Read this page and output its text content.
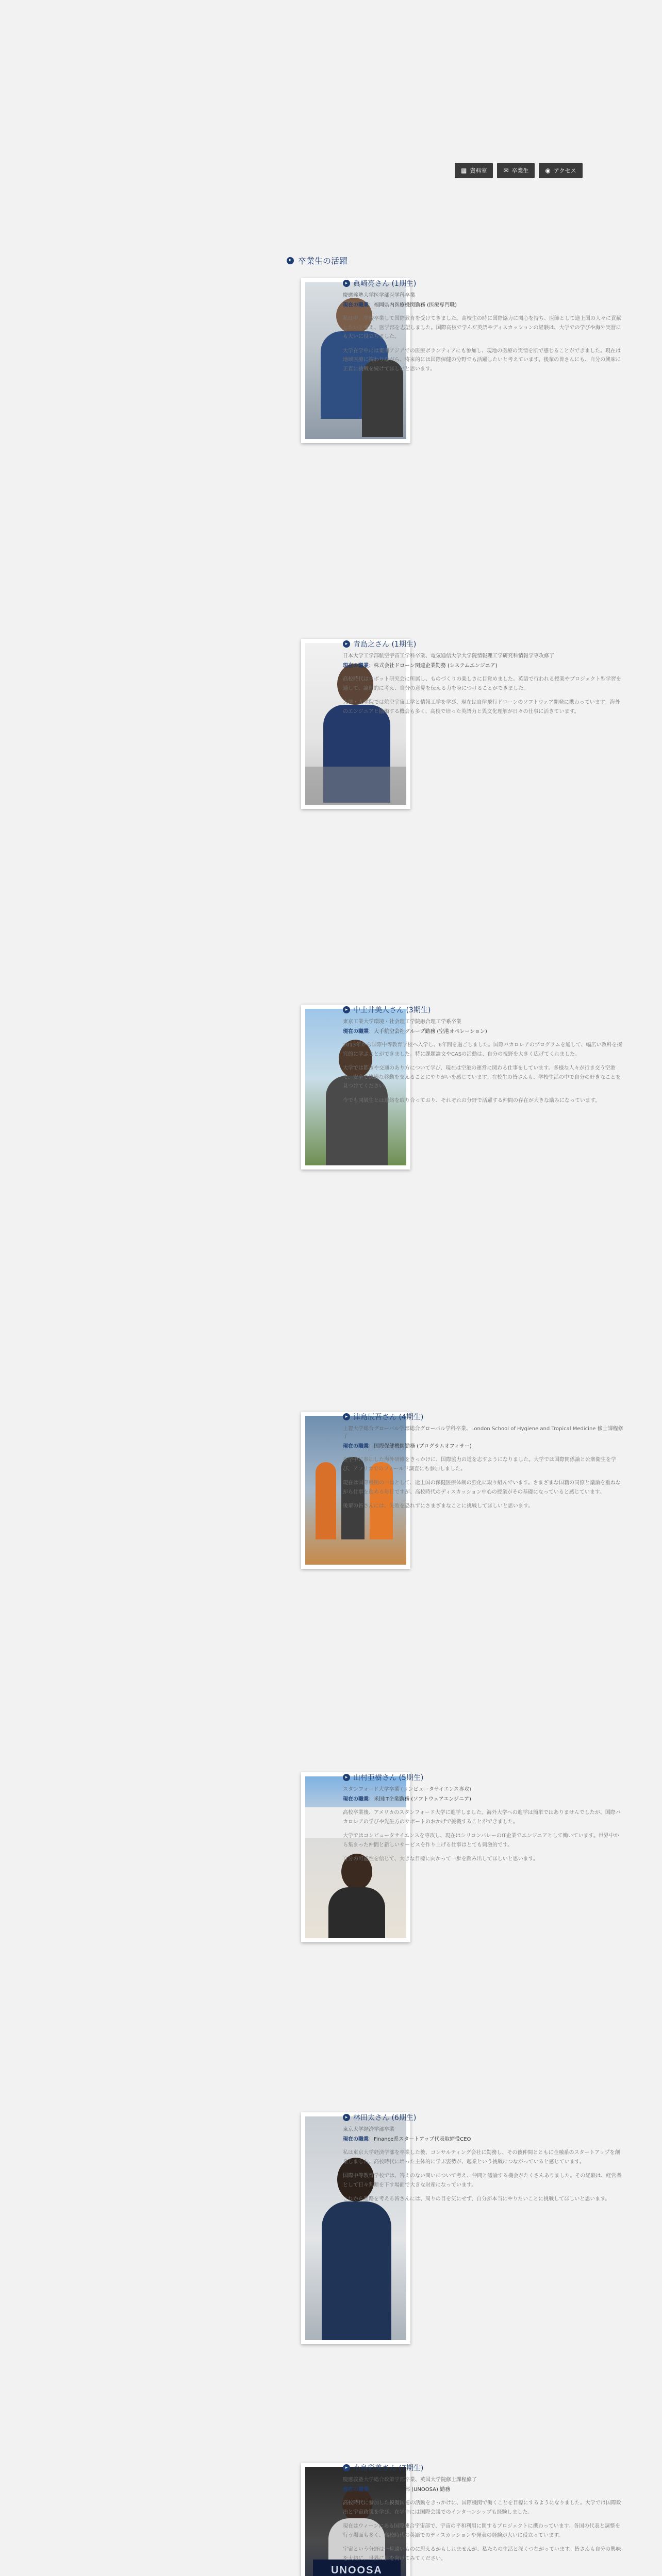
▦ 資料室	✉ 卒業生	◉ アクセス
▸ 卒業生の活躍
▸ 眞崎亮さん (1期生)
慶應義塾大学医学部医学科卒業
現在の職業：福岡県内医療機関勤務 (医療専門職)

私は中、学校卒業して国際教育を受けてきました。高校生の時に国際協力に関心を持ち、医師として途上国の人々に貢献したいと考え、医学部を志望しました。国際高校で学んだ英語やディスカッションの経験は、大学での学びや海外実習にも大いに役立ちました。

大学在学中には東南アジアでの医療ボランティアにも参加し、現地の医療の実情を肌で感じることができました。現在は地域医療に携わりながら、将来的には国際保健の分野でも活躍したいと考えています。後輩の皆さんにも、自分の興味に正直に挑戦を続けてほしいと思います。

▸ 青島之さん (1期生)
日本大学工学部航空宇宙工学科卒業、電気通信大学大学院情報理工学研究科情報学専攻修了
現在の職業：株式会社ドローン関連企業勤務 (システムエンジニア)

高校時代はロボット研究会に所属し、ものづくりの楽しさに目覚めました。英語で行われる授業やプロジェクト型学習を通して、論理的に考え、自分の意見を伝える力を身につけることができました。

大学・大学院では航空宇宙工学と情報工学を学び、現在は自律飛行ドローンのソフトウェア開発に携わっています。海外のエンジニアと協働する機会も多く、高校で培った英語力と異文化理解が日々の仕事に活きています。

▸ 中土井美人さん (3期生)
東京工業大学環境・社会理工学院融合理工学系卒業
現在の職業：大手航空会社グループ勤務 (空港オペレーション)

2013年から国際中等教育学校へ入学し、6年間を過ごしました。国際バカロレアのプログラムを通して、幅広い教科を探究的に学ぶことができました。特に課題論文やCASの活動は、自分の視野を大きく広げてくれました。

大学では都市や交通のあり方について学び、現在は空港の運営に関わる仕事をしています。多様な人々が行き交う空港で、安全で快適な移動を支えることにやりがいを感じています。在校生の皆さんも、学校生活の中で自分の好きなことを見つけてください。

今でも同級生とは連絡を取り合っており、それぞれの分野で活躍する仲間の存在が大きな励みになっています。

▸ 津島辰吾さん (4期生)
上智大学総合グローバル学部総合グローバル学科卒業、London School of Hygiene and Tropical Medicine 修士課程修了
現在の職業：国際保健機関勤務 (プログラムオフィサー)

在学中に参加した海外研修をきっかけに、国際協力の道を志すようになりました。大学では国際関係論と公衆衛生を学び、アフリカでのフィールド調査にも参加しました。

現在は国際機関の一員として、途上国の保健医療体制の強化に取り組んでいます。さまざまな国籍の同僚と議論を重ねながら仕事を進める毎日ですが、高校時代のディスカッション中心の授業がその基礎になっていると感じています。

後輩の皆さんには、失敗を恐れずにさまざまなことに挑戦してほしいと思います。

▸ 山村亜樹さん (5期生)
スタンフォード大学卒業 (コンピュータサイエンス専攻)
現在の職業：米国IT企業勤務 (ソフトウェアエンジニア)

高校卒業後、アメリカのスタンフォード大学に進学しました。海外大学への進学は簡単ではありませんでしたが、国際バカロレアの学びや先生方のサポートのおかげで挑戦することができました。

大学ではコンピュータサイエンスを専攻し、現在はシリコンバレーのIT企業でエンジニアとして働いています。世界中から集まった仲間と新しいサービスを作り上げる仕事はとても刺激的です。

自分の可能性を信じて、大きな目標に向かって一歩を踏み出してほしいと思います。

▸ 林田太さん (6期生)
東京大学経済学部卒業
現在の職業：Finance系スタートアップ代表取締役CEO

私は東京大学経済学部を卒業した後、コンサルティング会社に勤務し、その後仲間とともに金融系のスタートアップを創業しました。高校時代に培った主体的に学ぶ姿勢が、起業という挑戦につながっていると感じています。

国際中等教育学校では、答えのない問いについて考え、仲間と議論する機会がたくさんありました。その経験は、経営者として日々判断を下す場面で大きな財産になっています。

これから進路を考える皆さんには、周りの目を気にせず、自分が本当にやりたいことに挑戦してほしいと思います。

UNOOSA
▸ 小島彩美さん (7期生)
慶應義塾大学総合政策学部卒業、英国大学院修士課程修了
現在の職業：国際連合宇宙部 (UNOOSA) 勤務

高校時代に参加した模擬国連の活動をきっかけに、国際機関で働くことを目標にするようになりました。大学では国際政治と宇宙政策を学び、在学中には国際会議でのインターンシップも経験しました。

現在はウィーンにある国際連合宇宙部で、宇宙の平和利用に関するプロジェクトに携わっています。各国の代表と調整を行う場面も多く、高校時代の英語でのディスカッションや発表の経験が大いに役立っています。

宇宙という分野は一見遠いものに思えるかもしれませんが、私たちの生活と深くつながっています。皆さんも自分の興味を大切に、世界に目を向けてみてください。
